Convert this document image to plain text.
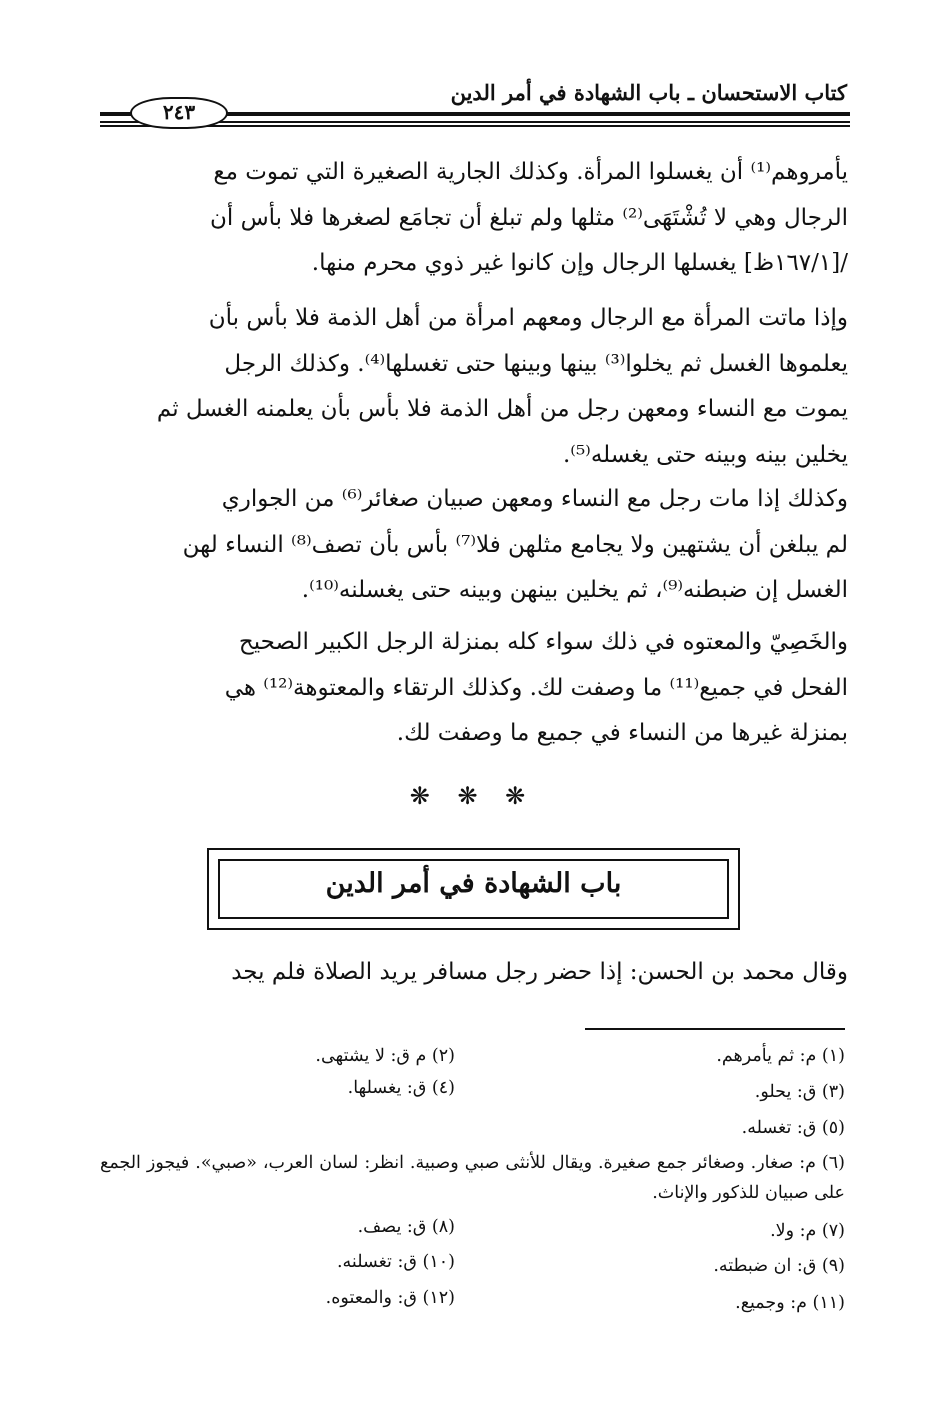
كتاب الاستحسان ـ باب الشهادة في أمر الدين
٢٤٣

يأمروهم⁽¹⁾ أن يغسلوا المرأة. وكذلك الجارية الصغيرة التي تموت مع

الرجال وهي لا تُشْتَهَى⁽²⁾ مثلها ولم تبلغ أن تجامَع لصغرها فلا بأس أن

/[١٦٧/١ظ] يغسلها الرجال وإن كانوا غير ذوي محرم منها.

وإذا ماتت المرأة مع الرجال ومعهم امرأة من أهل الذمة فلا بأس بأن

يعلموها الغسل ثم يخلوا⁽³⁾ بينها وبينها حتى تغسلها⁽⁴⁾. وكذلك الرجل

يموت مع النساء ومعهن رجل من أهل الذمة فلا بأس بأن يعلمنه الغسل ثم

يخلين بينه وبينه حتى يغسله⁽⁵⁾.

وكذلك إذا مات رجل مع النساء ومعهن صبيان صغائر⁽⁶⁾ من الجواري

لم يبلغن أن يشتهين ولا يجامع مثلهن فلا⁽⁷⁾ بأس بأن تصف⁽⁸⁾ النساء لهن

الغسل إن ضبطنه⁽⁹⁾، ثم يخلين بينهن وبينه حتى يغسلنه⁽¹⁰⁾.

والخَصِيّ والمعتوه في ذلك سواء كله بمنزلة الرجل الكبير الصحيح

الفحل في جميع⁽¹¹⁾ ما وصفت لك. وكذلك الرتقاء والمعتوهة⁽¹²⁾ هي

بمنزلة غيرها من النساء في جميع ما وصفت لك.

❋ ❋ ❋
باب الشهادة في أمر الدين

وقال محمد بن الحسن: إذا حضر رجل مسافر يريد الصلاة فلم يجد

(١) م: ثم يأمرهم.
(٢) م ق: لا يشتهى.
(٣) ق: يحلو.
(٤) ق: يغسلها.
(٥) ق: تغسله.
(٦) م: صغار. وصغائر جمع صغيرة. ويقال للأنثى صبي وصبية. انظر: لسان العرب، «صبي». فيجوز الجمع على صبيان للذكور والإناث.
(٧) م: ولا.
(٨) ق: يصف.
(٩) ق: ان ضبطته.
(١٠) ق: تغسلنه.
(١١) م: وجميع.
(١٢) ق: والمعتوه.
